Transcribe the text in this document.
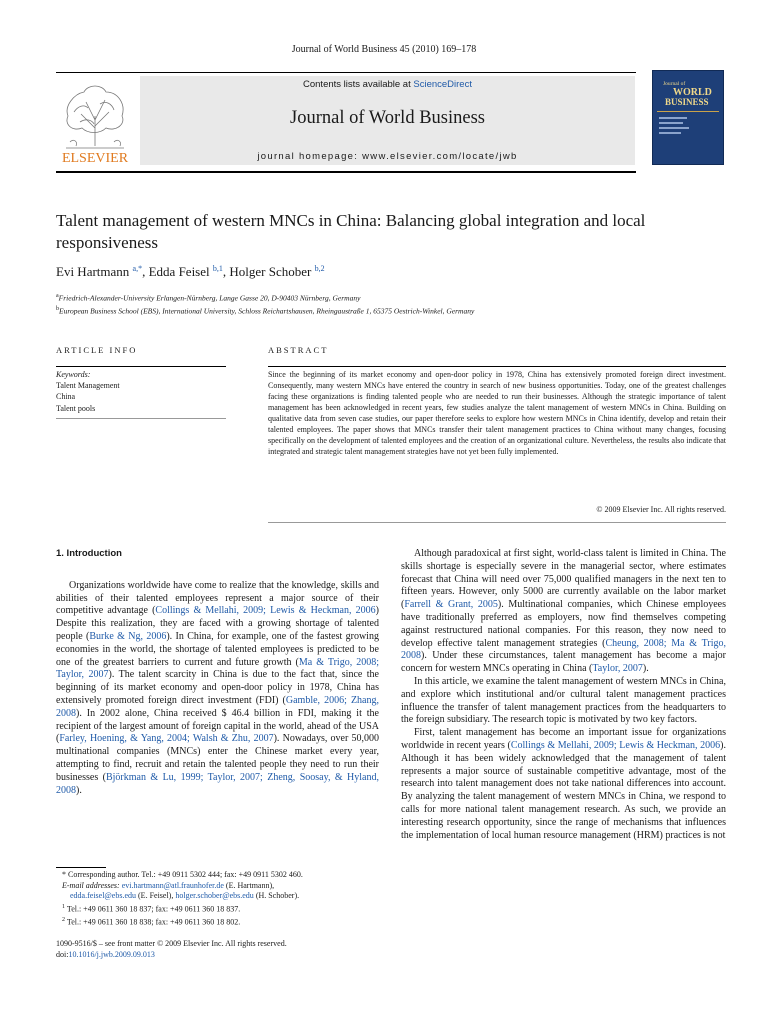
Journal of World Business 45 (2010) 169–178
ELSEVIER
Contents lists available at ScienceDirect
Journal of World Business
journal homepage: www.elsevier.com/locate/jwb
Journal of
WORLD
BUSINESS
Talent management of western MNCs in China: Balancing global integration and local responsiveness
Evi Hartmann $^{a,*}$, Edda Feisel $^{b,1}$, Holger Schober $^{b,2}$
$^a$Friedrich-Alexander-University Erlangen-Nürnberg, Lange Gasse 20, D-90403 Nürnberg, Germany
$^b$European Business School (EBS), International University, Schloss Reichartshausen, Rheingaustraße 1, 65375 Oestrich-Winkel, Germany
ARTICLE INFO	ABSTRACT
Keywords:
Talent Management
China
Talent pools
Since the beginning of its market economy and open-door policy in 1978, China has extensively promoted foreign direct investment. Consequently, many western MNCs have entered the country in search of new business opportunities. Today, one of the greatest challenges facing these organizations is finding talented people who are needed to run their businesses. Although the strategic importance of talent management has been acknowledged in recent years, few studies analyze the talent management of western MNCs in China. Building on qualitative data from seven case studies, our paper therefore seeks to explore how western MNCs in China identify, develop and retain their talented employees. The paper shows that MNCs transfer their talent management practices to China without many changes, focusing specifically on the development of talented employees and the creation of an organizational culture. Nevertheless, the results also indicate that integrated and strategic talent management strategies have not yet been fully implemented.
© 2009 Elsevier Inc. All rights reserved.

1. Introduction

Organizations worldwide have come to realize that the knowledge, skills and abilities of their talented employees represent a major source of their competitive advantage (Collings & Mellahi, 2009; Lewis & Heckman, 2006) Despite this realization, they are faced with a growing shortage of talented people (Burke & Ng, 2006). In China, for example, one of the fastest growing economies in the world, the shortage of talented employees is predicted to be one of the greatest barriers to current and future growth (Ma & Trigo, 2008; Taylor, 2007). The talent scarcity in China is due to the fact that, since the beginning of its market economy and open-door policy in 1978, China has extensively promoted foreign direct investment (FDI) (Gamble, 2006; Zhang, 2008). In 2002 alone, China received $ 46.4 billion in FDI, making it the recipient of the largest amount of foreign capital in the world, ahead of the USA (Farley, Hoening, & Yang, 2004; Walsh & Zhu, 2007). Nowadays, over 50,000 multinational companies (MNCs) enter the Chinese market every year, attempting to find, recruit and retain the talented people they need to run their businesses (Björkman & Lu, 1999; Taylor, 2007; Zheng, Soosay, & Hyland, 2008).

Although paradoxical at first sight, world-class talent is limited in China. The skills shortage is especially severe in the managerial sector, where estimates forecast that China will need over 75,000 qualified managers in the next ten to fifteen years. However, only 5000 are currently available on the labor market (Farrell & Grant, 2005). Multinational companies, which Chinese employees have traditionally preferred as employers, now find themselves competing against restructured national companies. For this reason, they now need to develop effective talent management strategies (Cheung, 2008; Ma & Trigo, 2008). Under these circumstances, talent management has become a major concern for western MNCs operating in China (Taylor, 2007).

In this article, we examine the talent management of western MNCs in China, and explore which institutional and/or cultural talent management practices influence the transfer of talent management practices from the headquarters to the foreign subsidiary. The research topic is motivated by two key factors.

First, talent management has become an important issue for organizations worldwide in recent years (Collings & Mellahi, 2009; Lewis & Heckman, 2006). Although it has been widely acknowledged that the management of talent represents a major source of sustainable competitive advantage, most of the research into talent management does not take national differences into account. By analyzing the talent management of western MNCs in China, we respond to calls for more national talent management research. As such, we provide an interesting research opportunity, since the range of mechanisms that influences the implementation of local human resource management (HRM) practices is not

* Corresponding author. Tel.: +49 0911 5302 444; fax: +49 0911 5302 460.
E-mail addresses: evi.hartmann@atl.fraunhofer.de (E. Hartmann),
edda.feisel@ebs.edu (E. Feisel), holger.schober@ebs.edu (H. Schober).
$^1$ Tel.: +49 0611 360 18 837; fax: +49 0611 360 18 837.
$^2$ Tel.: +49 0611 360 18 838; fax: +49 0611 360 18 802.
1090-9516/$ – see front matter © 2009 Elsevier Inc. All rights reserved.
doi:10.1016/j.jwb.2009.09.013
